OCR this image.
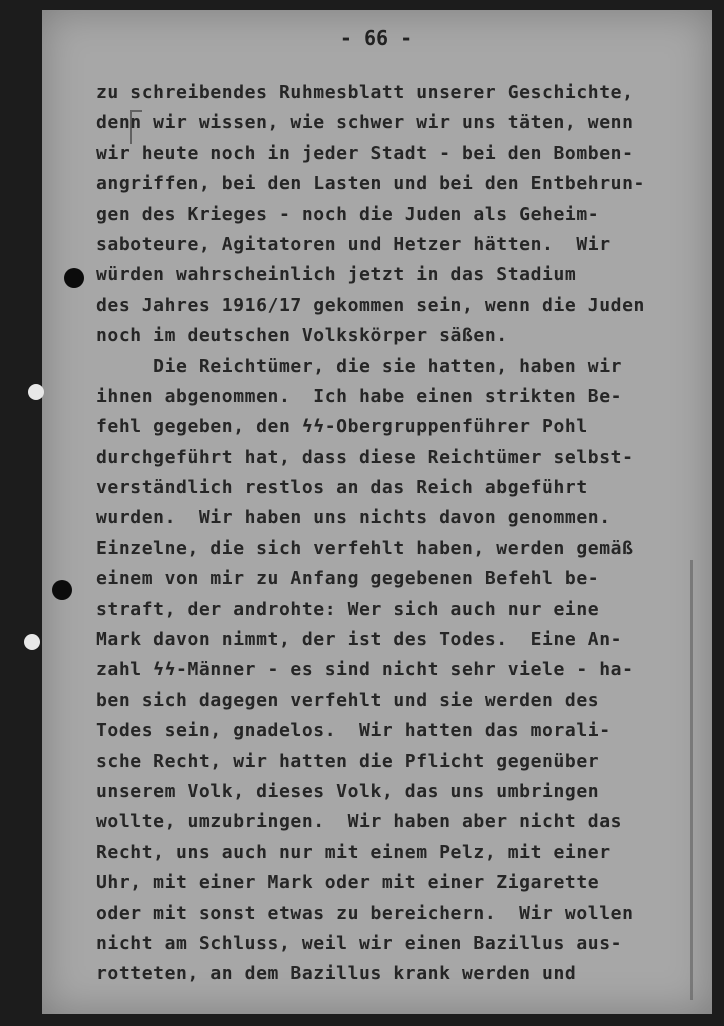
- 66 -
zu schreibendes Ruhmesblatt unserer Geschichte,
denn wir wissen, wie schwer wir uns täten, wenn
wir heute noch in jeder Stadt - bei den Bomben-
angriffen, bei den Lasten und bei den Entbehrun-
gen des Krieges - noch die Juden als Geheim-
saboteure, Agitatoren und Hetzer hätten.  Wir
würden wahrscheinlich jetzt in das Stadium
des Jahres 1916/17 gekommen sein, wenn die Juden
noch im deutschen Volkskörper säßen.
Die Reichtümer, die sie hatten, haben wir
ihnen abgenommen.  Ich habe einen strikten Be-
fehl gegeben, den ϟϟ-Obergruppenführer Pohl
durchgeführt hat, dass diese Reichtümer selbst-
verständlich restlos an das Reich abgeführt
wurden.  Wir haben uns nichts davon genommen.
Einzelne, die sich verfehlt haben, werden gemäß
einem von mir zu Anfang gegebenen Befehl be-
straft, der androhte: Wer sich auch nur eine
Mark davon nimmt, der ist des Todes.  Eine An-
zahl ϟϟ-Männer - es sind nicht sehr viele - ha-
ben sich dagegen verfehlt und sie werden des
Todes sein, gnadelos.  Wir hatten das morali-
sche Recht, wir hatten die Pflicht gegenüber
unserem Volk, dieses Volk, das uns umbringen
wollte, umzubringen.  Wir haben aber nicht das
Recht, uns auch nur mit einem Pelz, mit einer
Uhr, mit einer Mark oder mit einer Zigarette
oder mit sonst etwas zu bereichern.  Wir wollen
nicht am Schluss, weil wir einen Bazillus aus-
rotteten, an dem Bazillus krank werden und
